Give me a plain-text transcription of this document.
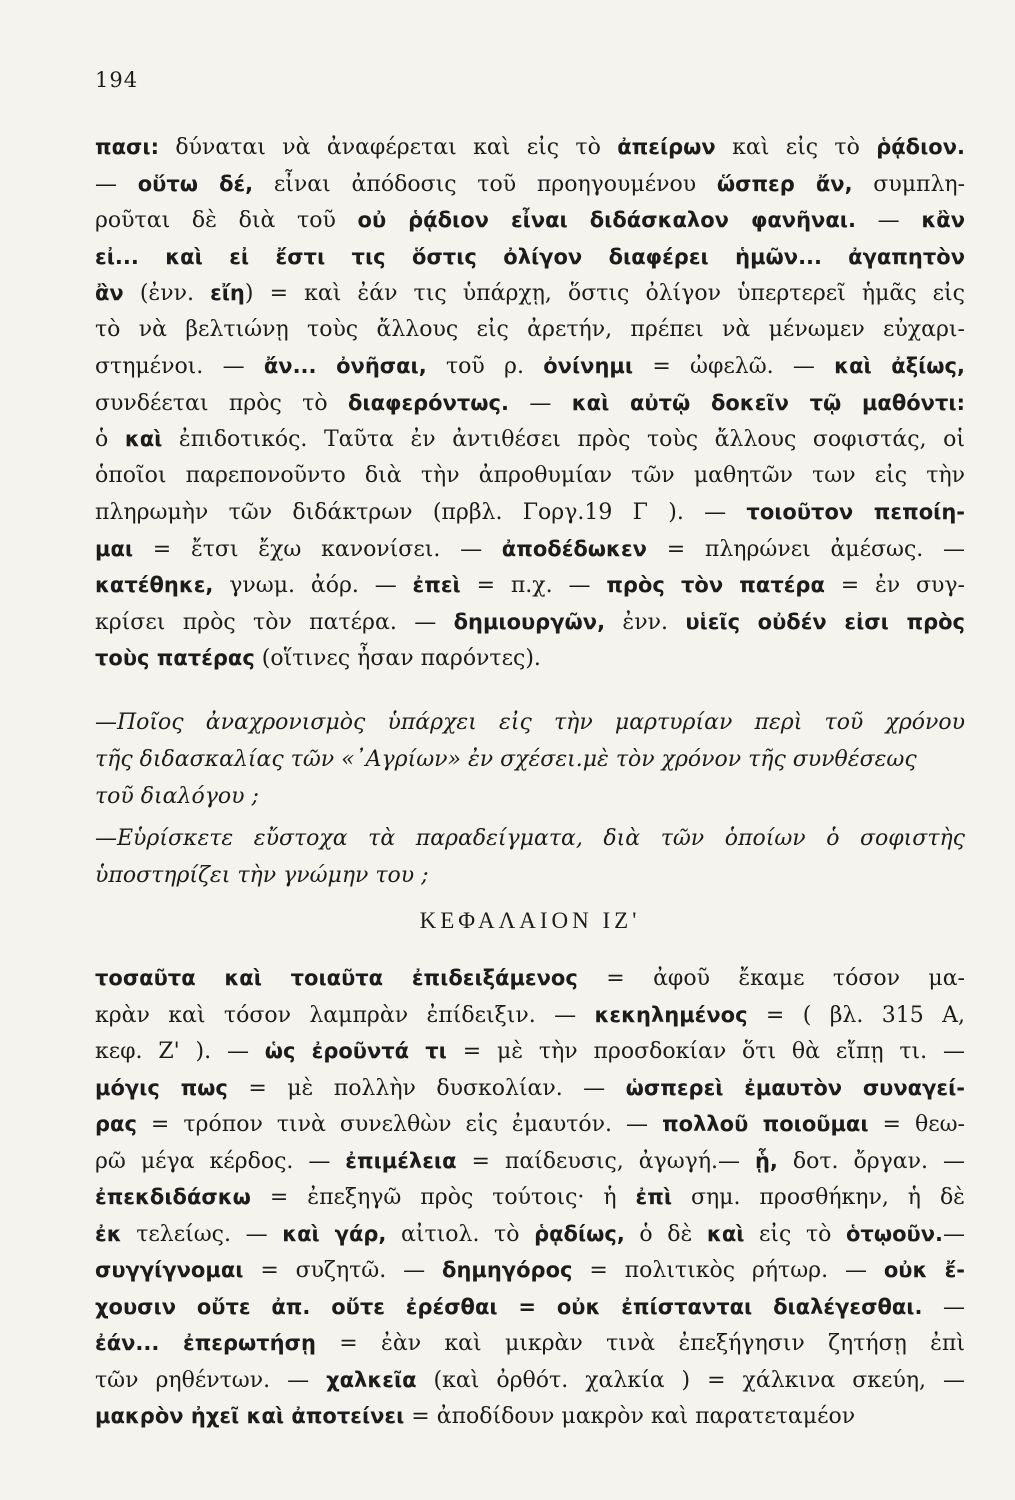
194
πασι: δύναται νὰ ἀναφέρεται καὶ εἰς τὸ ἀπείρων καὶ εἰς τὸ ῥᾴδιον.
— οὕτω δέ, εἶναι ἀπόδοσις τοῦ προηγουμένου ὥσπερ ἄν, συμπλη-
ροῦται δὲ διὰ τοῦ οὐ ῥᾴδιον εἶναι διδάσκαλον φανῆναι. — κἂν
εἰ... καὶ εἰ ἔστι τις ὅστις ὀλίγον διαφέρει ἡμῶν... ἀγαπητὸν
ἂν (ἐνν. εἴη) = καὶ ἐάν τις ὑπάρχῃ, ὅστις ὀλίγον ὑπερτερεῖ ἡμᾶς εἰς
τὸ νὰ βελτιώνῃ τοὺς ἄλλους εἰς ἀρετήν, πρέπει νὰ μένωμεν εὐχαρι-
στημένοι. — ἄν... ὀνῆσαι, τοῦ ρ. ὀνίνημι = ὠφελῶ. — καὶ ἀξίως,
συνδέεται πρὸς τὸ διαφερόντως. — καὶ αὐτῷ δοκεῖν τῷ μαθόντι:
ὁ καὶ ἐπιδοτικός. Ταῦτα ἐν ἀντιθέσει πρὸς τοὺς ἄλλους σοφιστάς, οἱ
ὁποῖοι παρεπονοῦντο διὰ τὴν ἀπροθυμίαν τῶν μαθητῶν των εἰς τὴν
πληρωμὴν τῶν διδάκτρων (πρβλ. Γοργ.19 Γ ). — τοιοῦτον πεποίη-
μαι = ἔτσι ἔχω κανονίσει. — ἀποδέδωκεν = πληρώνει ἀμέσως. —
κατέθηκε, γνωμ. ἀόρ. — ἐπεὶ = π.χ. — πρὸς τὸν πατέρα = ἐν συγ-
κρίσει πρὸς τὸν πατέρα. — δημιουργῶν, ἐνν. υἱεῖς οὐδέν εἰσι πρὸς
τοὺς πατέρας (οἵτινες ἦσαν παρόντες).
—Ποῖος ἀναχρονισμὸς ὑπάρχει εἰς τὴν μαρτυρίαν περὶ τοῦ χρόνου
τῆς διδασκαλίας τῶν «᾿Αγρίων» ἐν σχέσει.μὲ τὸν χρόνον τῆς συνθέσεως
τοῦ διαλόγου ;
—Εὑρίσκετε εὔστοχα τὰ παραδείγματα, διὰ τῶν ὁποίων ὁ σοφιστὴς
ὑποστηρίζει τὴν γνώμην του ;
ΚΕΦΑΛΑΙΟΝ ΙΖ'
τοσαῦτα καὶ τοιαῦτα ἐπιδειξάμενος = ἀφοῦ ἔκαμε τόσον μα-
κρὰν καὶ τόσον λαμπρὰν ἐπίδειξιν. — κεκηλημένος = ( βλ. 315 Α,
κεφ. Ζ' ). — ὡς ἐροῦντά τι = μὲ τὴν προσδοκίαν ὅτι θὰ εἴπῃ τι. —
μόγις πως = μὲ πολλὴν δυσκολίαν. — ὡσπερεὶ ἐμαυτὸν συναγεί-
ρας = τρόπον τινὰ συνελθὼν εἰς ἐμαυτόν. — πολλοῦ ποιοῦμαι = θεω-
ρῶ μέγα κέρδος. — ἐπιμέλεια = παίδευσις, ἀγωγή.— ᾗ, δοτ. ὄργαν. —
ἐπεκδιδάσκω = ἐπεξηγῶ πρὸς τούτοις· ἡ ἐπὶ σημ. προσθήκην, ἡ δὲ
ἐκ τελείως. — καὶ γάρ, αἰτιολ. τὸ ῥᾳδίως, ὁ δὲ καὶ εἰς τὸ ὁτῳοῦν.—
συγγίγνομαι = συζητῶ. — δημηγόρος = πολιτικὸς ρήτωρ. — οὐκ ἔ-
χουσιν οὔτε ἀπ. οὔτε ἐρέσθαι = οὐκ ἐπίστανται διαλέγεσθαι. —
ἐάν... ἐπερωτήσῃ = ἐὰν καὶ μικρὰν τινὰ ἐπεξήγησιν ζητήσῃ ἐπὶ
τῶν ρηθέντων. — χαλκεῖα (καὶ ὀρθότ. χαλκία ) = χάλκινα σκεύη, —
μακρὸν ἠχεῖ καὶ ἀποτείνει = ἀποδίδουν μακρὸν καὶ παρατεταμέον
